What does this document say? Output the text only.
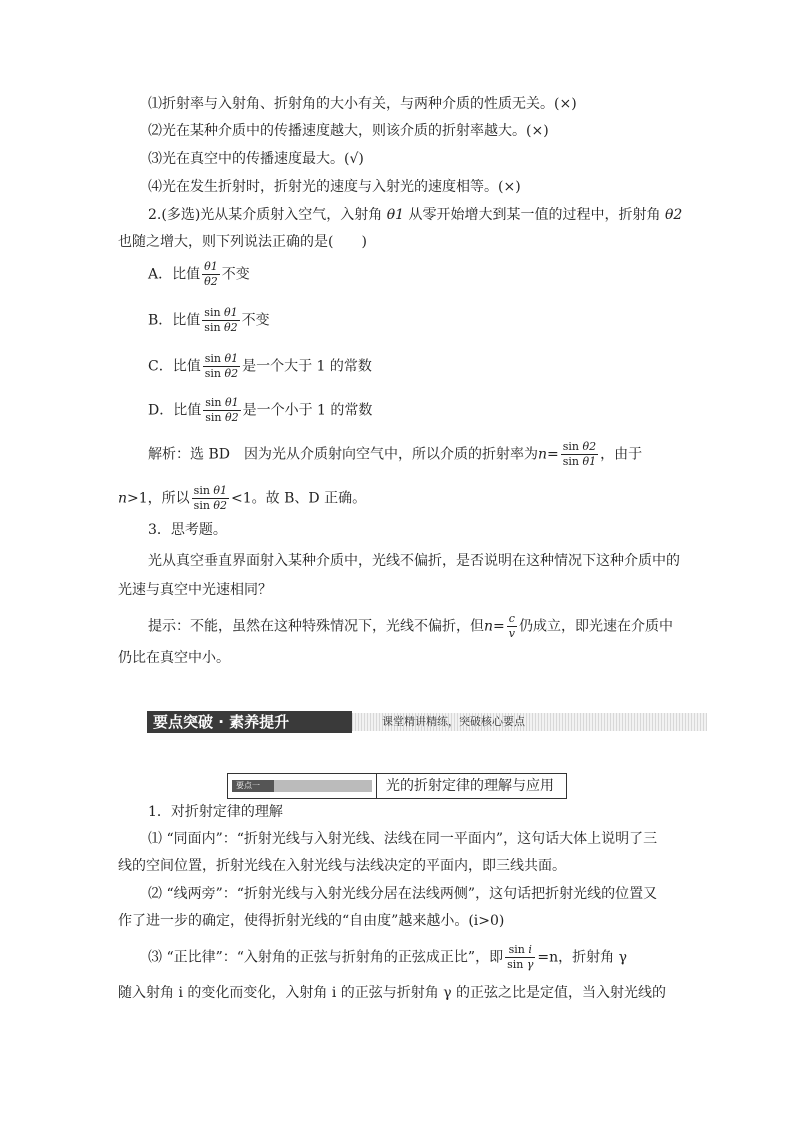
⑴折射率与入射角、折射角的大小有关，与两种介质的性质无关。(×)
⑵光在某种介质中的传播速度越大，则该介质的折射率越大。(×)
⑶光在真空中的传播速度最大。(√)
⑷光在发生折射时，折射光的速度与入射光的速度相等。(×)
2.(多选)光从某介质射入空气，入射角 θ1 从零开始增大到某一值的过程中，折射角 θ2
也随之增大，则下列说法正确的是(　　)
A．比值 $\frac{\theta 1}{\theta 2}$ 不变
B．比值 $\frac{\text{sin θ1}}{\text{sin θ2}}$ 不变
C．比值 $\frac{\text{sin θ1}}{\text{sin θ2}}$ 是一个大于 1 的常数
D．比值 $\frac{\text{sin θ1}}{\text{sin θ2}}$ 是一个小于 1 的常数
解析：选 BD　因为光从介质射向空气中，所以介质的折射率为$n= \frac{\text{sin θ2}}{\text{sin θ1}}$ ，由于
n>1，所以 $\frac{\text{sin θ1}}{\text{sin θ2}} <1$。故 B、D 正确。
3．思考题。
光从真空垂直界面射入某种介质中，光线不偏折，是否说明在这种情况下这种介质中的
光速与真空中光速相同？
提示：不能，虽然在这种特殊情况下，光线不偏折，但$n= \frac{c}{v}$ 仍成立，即光速在介质中
仍比在真空中小。
要点突破 · 素养提升	课堂精讲精练，突破核心要点
要点一	光的折射定律的理解与应用
1．对折射定律的理解
⑴ “同面内”：“折射光线与入射光线、法线在同一平面内”，这句话大体上说明了三
线的空间位置，折射光线在入射光线与法线决定的平面内，即三线共面。
⑵ “线两旁”：“折射光线与入射光线分居在法线两侧”，这句话把折射光线的位置又
作了进一步的确定，使得折射光线的“自由度”越来越小。(i>0)
⑶ “正比律”：“入射角的正弦与折射角的正弦成正比”，即 $\frac{\text{sin i}}{\text{sin γ}} =n$，折射角 γ
随入射角 i 的变化而变化，入射角 i 的正弦与折射角 γ 的正弦之比是定值，当入射光线的
